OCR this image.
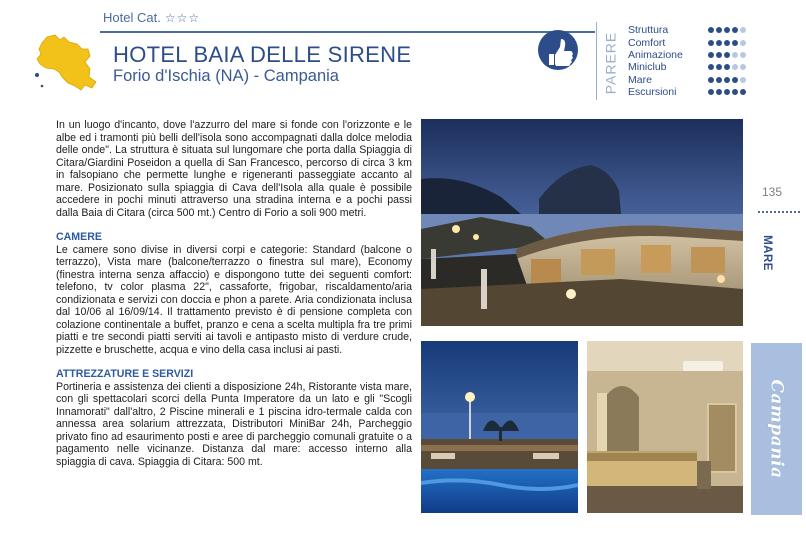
Hotel Cat. ☆☆☆
HOTEL BAIA DELLE SIRENE
Forio d'Ischia (NA) - Campania	PARERE
Struttura
Comfort
Animazione
Miniclub
Mare
Escursioni

In un luogo d'incanto, dove l'azzurro del mare si fonde con l'orizzonte e le albe ed i tramonti più belli dell'isola sono accompagnati dalla dolce melodia delle onde". La struttura è situata sul lungomare che porta dalla Spiaggia di Citara/Giardini Poseidon a quella di San Francesco, percorso di circa 3 km in falsopiano che permette lunghe e rigeneranti passeggiate accanto al mare. Posizionato sulla spiaggia di Cava dell'Isola alla quale è possibile accedere in pochi minuti attraverso una stradina interna e a pochi passi dalla Baia di Citara (circa 500 mt.) Centro di Forio a soli 900 metri.

CAMERE

Le camere sono divise in diversi corpi e categorie: Standard (balcone o terrazzo), Vista mare (balcone/terrazzo o finestra sul mare), Economy (finestra interna senza affaccio) e dispongono tutte dei seguenti comfort: telefono, tv color plasma 22", cassaforte, frigobar, riscaldamento/aria condizionata e servizi con doccia e phon a parete. Aria condizionata inclusa dal 10/06 al 16/09/14. Il trattamento previsto è di pensione completa con colazione continentale a buffet, pranzo e cena a scelta multipla fra tre primi piatti e tre secondi piatti serviti ai tavoli e antipasto misto di verdure crude, pizzette e bruschette, acqua e vino della casa inclusi ai pasti.

ATTREZZATURE E SERVIZI

Portineria e assistenza dei clienti a disposizione 24h, Ristorante vista mare, con gli spettacolari scorci della Punta Imperatore da un lato e gli "Scogli Innamorati" dall'altro, 2 Piscine minerali e 1 piscina idro-termale calda con annessa area solarium attrezzata, Distributori MiniBar 24h, Parcheggio privato fino ad esaurimento posti e aree di parcheggio comunali gratuite o a pagamento nelle vicinanze. Distanza dal mare: accesso interno alla spiaggia di cava. Spiaggia di Citara: 500 mt.

135
MARE
Campania
